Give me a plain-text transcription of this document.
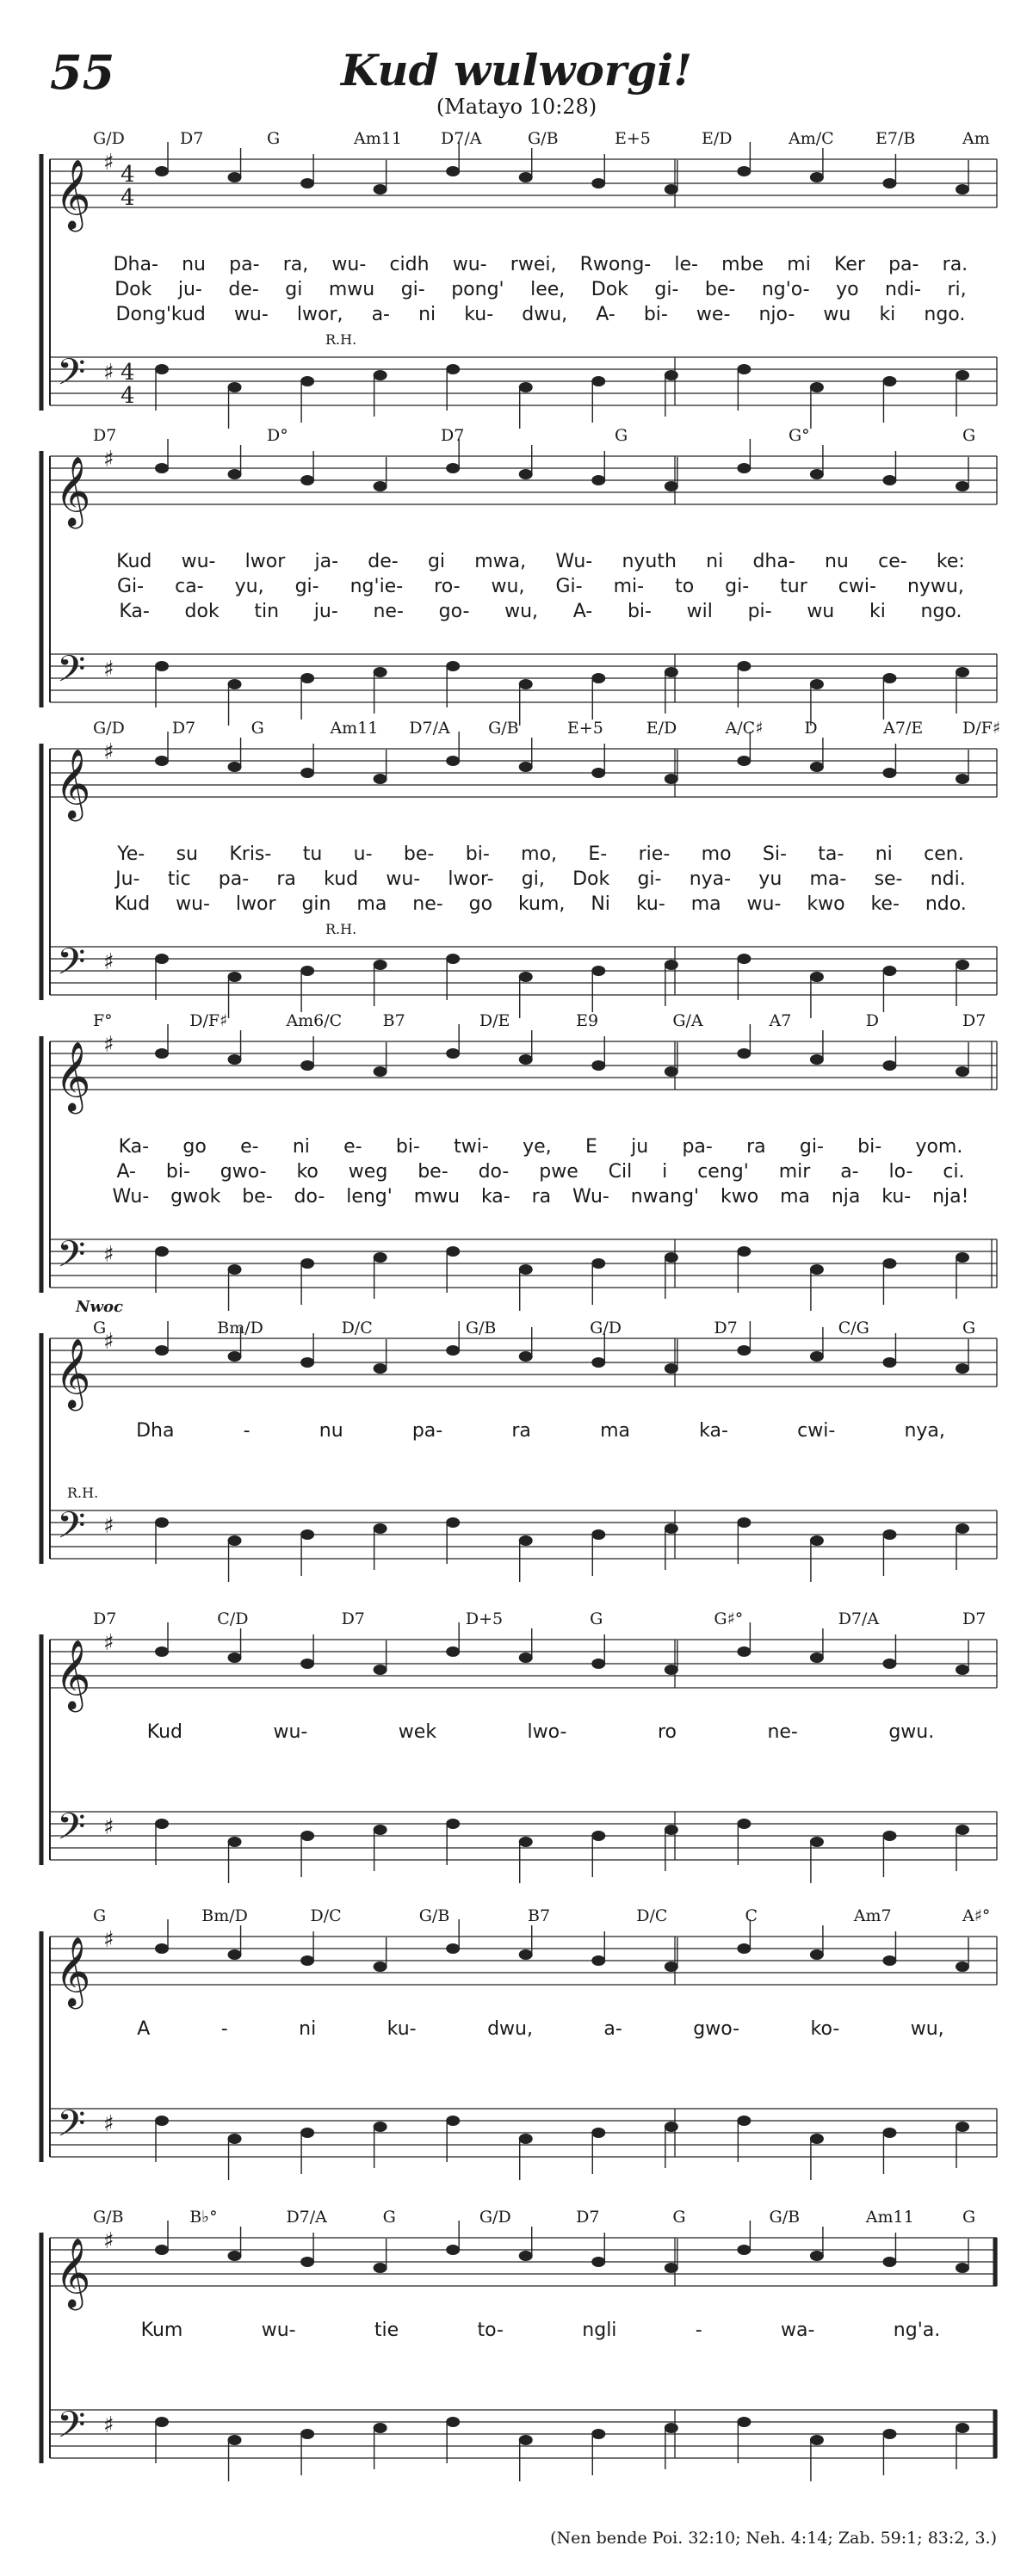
55	Kud wulworgi!
(Matayo 10:28)
𝄞
𝄢
♯
♯
4
4
4
4
𝄞
𝄢
♯
♯
𝄞
𝄢
♯
♯
𝄞
𝄢
♯
♯
𝄞
𝄢
♯
♯
𝄞
𝄢
♯
♯
𝄞
𝄢
♯
♯
𝄞
𝄢
♯
♯
G/D	D7	G	Am11 D7/A	G/B	E+5	E/D	Am/C	E7/B	Am
Dha- nu pa- ra, wu- cidh wu- rwei, Rwong- le- mbe mi Ker pa- ra.
Dok ju- de- gi mwu gi- pong' lee, Dok gi- be- ng'o- yo ndi- ri,
Dong'kud wu- lwor, a- ni ku- dwu, A- bi- we- njo- wu ki ngo.
R.H.
D7	D°	D7	G	G°	G
Kud wu- lwor ja- de- gi mwa, Wu- nyuth ni dha- nu ce- ke:
Gi- ca- yu, gi- ng'ie- ro- wu, Gi- mi- to gi- tur cwi- nywu,
Ka- dok tin ju- ne- go- wu, A- bi- wil pi- wu ki ngo.
G/D	D7	G	Am11 D7/A G/B	E+5	E/D	A/C♯	D	A7/E D/F♯
Ye- su Kris- tu u- be- bi- mo, E- rie- mo Si- ta- ni cen.
Ju- tic pa- ra kud wu- lwor- gi, Dok gi- nya- yu ma- se- ndi.
Kud wu- lwor gin ma ne- go kum, Ni ku- ma wu- kwo ke- ndo.
R.H.
F°	D/F♯	Am6/C B7	D/E	E9	G/A	A7	D	D7
Ka- go e- ni e- bi- twi- ye, E ju pa- ra gi- bi- yom.
A- bi- gwo- ko weg be- do- pwe Cil i ceng' mir a- lo- ci.
Wu- gwok be- do- leng' mwu ka- ra Wu- nwang' kwo ma nja ku- nja!
Nwoc
G	Bm/D	D/C	G/B	G/D	D7	C/G	G
Dha	-	nu	pa-	ra	ma	ka-	cwi-	nya,
R.H.
D7	C/D	D7	D+5	G	G♯°	D7/A	D7
Kud	wu-	wek	lwo-	ro	ne-	gwu.
G	Bm/D	D/C	G/B	B7	D/C	C	Am7	A♯°
A	-	ni	ku-	dwu,	a-	gwo-	ko-	wu,
G/B	B♭°	D7/A	G	G/D	D7	G	G/B	Am11	G
Kum	wu-	tie	to-	ngli	-	wa-	ng'a.
(Nen bende Poi. 32:10; Neh. 4:14; Zab. 59:1; 83:2, 3.)
